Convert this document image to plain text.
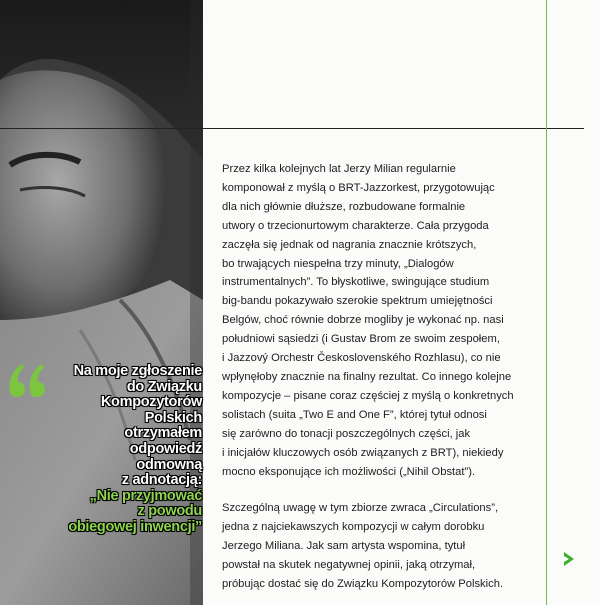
Na moje zgłoszenie
do Związku
Kompozytorów
Polskich
otrzymałem
odpowiedź
odmowną
z adnotacją:
„Nie przyjmować
z powodu
obiegowej inwencji”
Przez kilka kolejnych lat Jerzy Milian regularnie
komponował z myślą o BRT-Jazzorkest, przygotowując
dla nich głównie dłuższe, rozbudowane formalnie
utwory o trzecionurtowym charakterze. Cała przygoda
zaczęła się jednak od nagrania znacznie krótszych,
bo trwających niespełna trzy minuty, „Dialogów
instrumentalnych”. To błyskotliwe, swingujące studium
big-bandu pokazywało szerokie spektrum umiejętności
Belgów, choć równie dobrze mogliby je wykonać np. nasi
południowi sąsiedzi (i Gustav Brom ze swoim zespołem,
i Jazzový Orchestr Československého Rozhlasu), co nie
wpłynęłoby znacznie na finalny rezultat. Co innego kolejne
kompozycje – pisane coraz częściej z myślą o konkretnych
solistach (suita „Two E and One F”, której tytuł odnosi
się zarówno do tonacji poszczególnych części, jak
i inicjałów kluczowych osób związanych z BRT), niekiedy
mocno eksponujące ich możliwości („Nihil Obstat”).
Szczególną uwagę w tym zbiorze zwraca „Circulations”,
jedna z najciekawszych kompozycji w całym dorobku
Jerzego Miliana. Jak sam artysta wspomina, tytuł
powstał na skutek negatywnej opinii, jaką otrzymał,
próbując dostać się do Związku Kompozytorów Polskich.
